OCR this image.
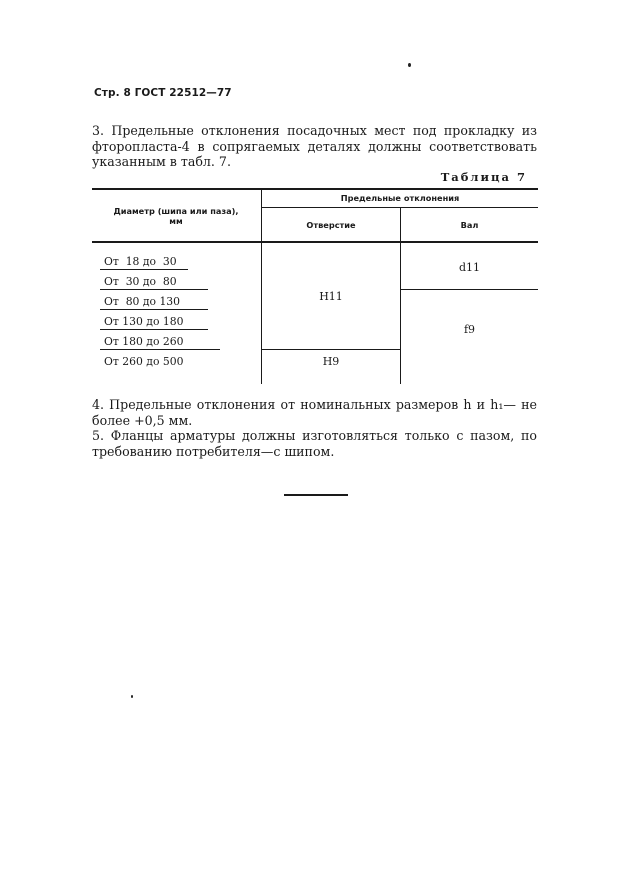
Стр. 8 ГОСТ 22512—77

3. Предельные отклонения посадочных мест под прокладку из фторопласта-4 в сопрягаемых деталях должны соответствовать указанным в табл. 7.

Таблица 7
Диаметр (шипа или паза), мм
Предельные отклонения
Отверстие	Вал
От  18 до  30
От  30 до  80
От  80 до 130
От 130 до 180
От 180 до 260
От 260 до 500
H11
H9
d11
f9

4. Предельные отклонения от номинальных размеров h и h₁— не более +0,5 мм.

5. Фланцы арматуры должны изготовляться только с пазом, по требованию потребителя—с шипом.
